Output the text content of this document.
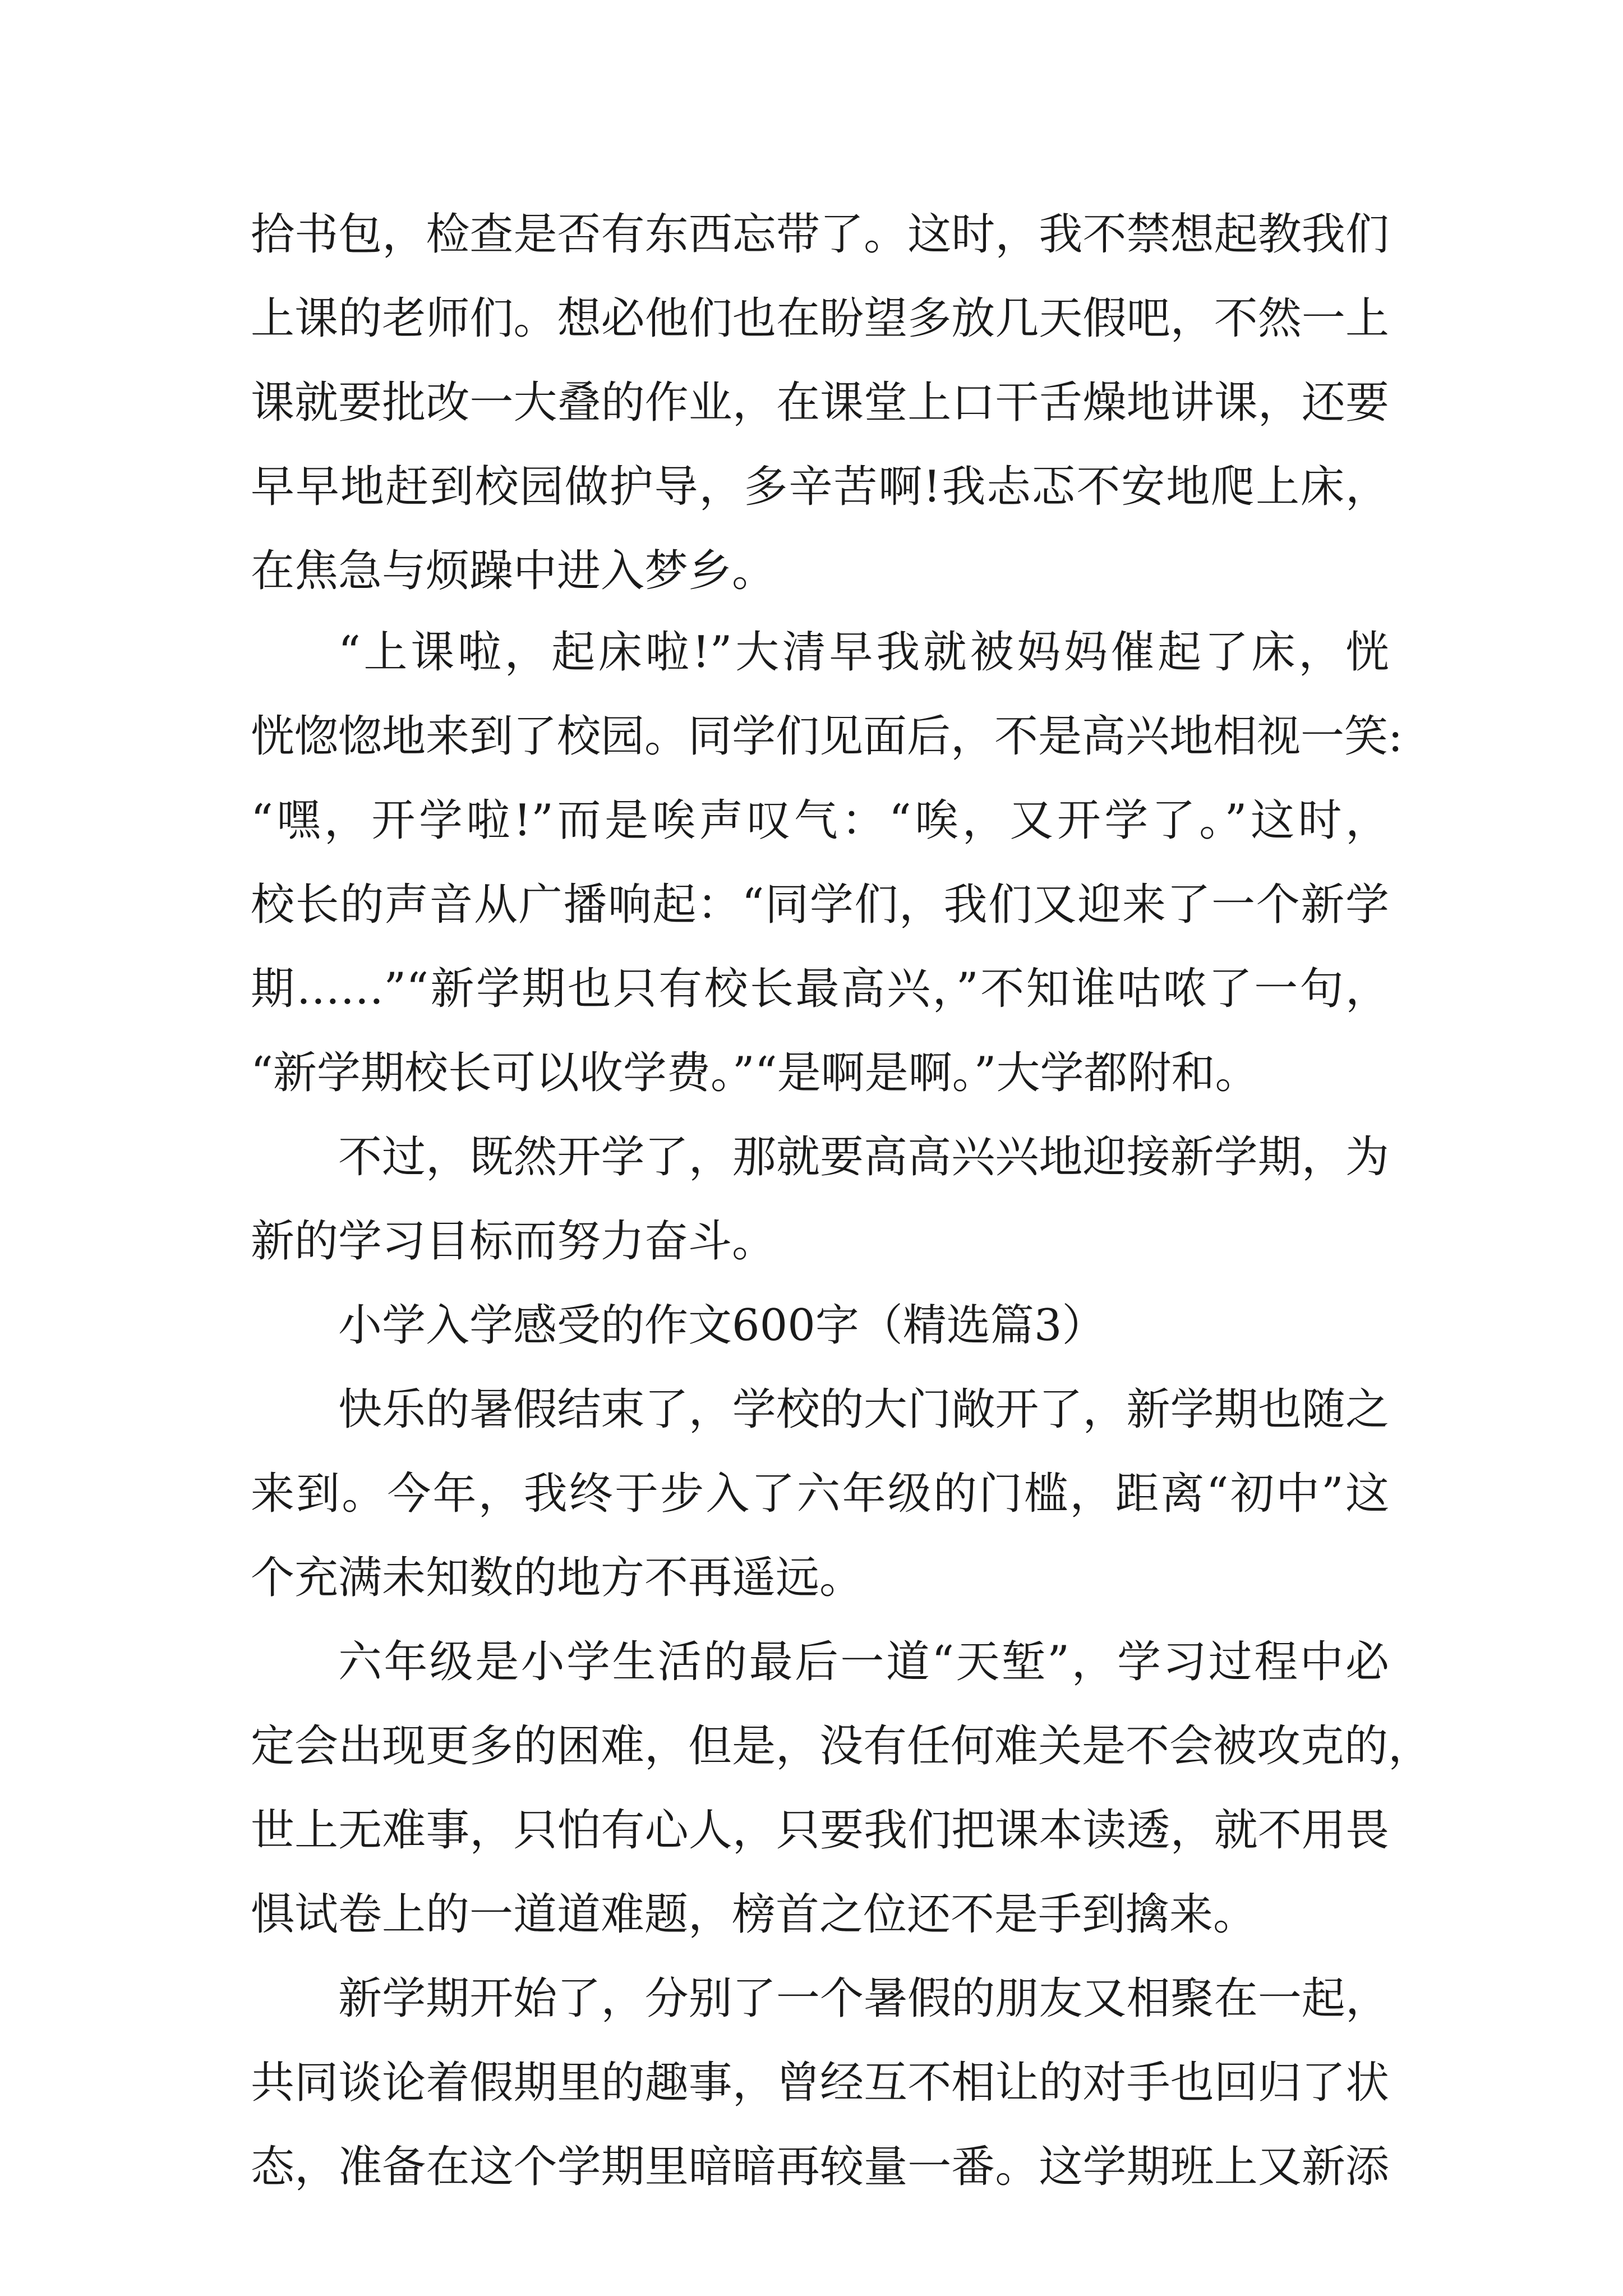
拾书包，检查是否有东西忘带了。这时，我不禁想起教我们
上课的老师们。想必他们也在盼望多放几天假吧，不然一上
课就要批改一大叠的作业，在课堂上口干舌燥地讲课，还要
早早地赶到校园做护导，多辛苦啊!我忐忑不安地爬上床，
在焦急与烦躁中进入梦乡。
“上课啦，起床啦!”大清早我就被妈妈催起了床，恍
恍惚惚地来到了校园。同学们见面后，不是高兴地相视一笑:
“嘿，开学啦!”而是唉声叹气：“唉，又开学了。”这时，
校长的声音从广播响起：“同学们，我们又迎来了一个新学
期……”“新学期也只有校长最高兴，”不知谁咕哝了一句，
“新学期校长可以收学费。”“是啊是啊。”大学都附和。
不过，既然开学了，那就要高高兴兴地迎接新学期，为
新的学习目标而努力奋斗。
小学入学感受的作文600字（精选篇3）
快乐的暑假结束了，学校的大门敞开了，新学期也随之
来到。今年，我终于步入了六年级的门槛，距离“初中”这
个充满未知数的地方不再遥远。
六年级是小学生活的最后一道“天堑”，学习过程中必
定会出现更多的困难，但是，没有任何难关是不会被攻克的，
世上无难事，只怕有心人，只要我们把课本读透，就不用畏
惧试卷上的一道道难题，榜首之位还不是手到擒来。
新学期开始了，分别了一个暑假的朋友又相聚在一起，
共同谈论着假期里的趣事，曾经互不相让的对手也回归了状
态，准备在这个学期里暗暗再较量一番。这学期班上又新添
